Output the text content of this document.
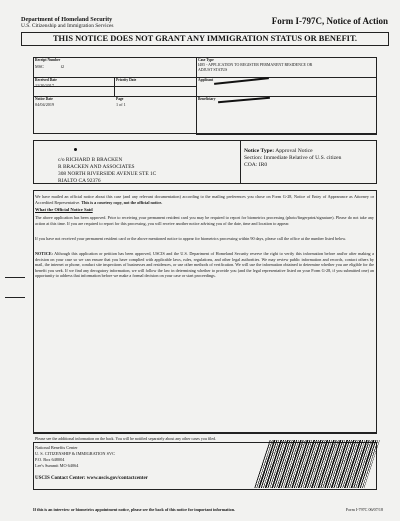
Department of Homeland Security
U.S. Citizenship and Immigration Services	Form I-797C, Notice of Action
THIS NOTICE DOES NOT GRANT ANY IMMIGRATION STATUS OR BENEFIT.
Receipt Number
MSC                f2
Case Type
I485 - APPLICATION TO REGISTER PERMANENT RESIDENCE OR
ADJUST STATUS
Received Date
11/20/2017
Priority Date	Applicant
Notice Date
04/04/2019
Page
1 of 1
Beneficiary
c/o RICHARD B BRACKEN
R BRACKEN AND ASSOCIATES
308 NORTH RIVERSIDE AVENUE STE 1C
RIALTO CA 92376
Notice Type: Approval Notice
Section: Immediate Relative of U.S. citizen
COA: IR0
We have mailed an official notice about this case (and any relevant documentation) according to the mailing preferences you chose on Form G-28, Notice of Entry of Appearance as Attorney or Accredited Representative. This is a courtesy copy, not the official notice.
What the Official Notice Said
The above application has been approved. Prior to receiving your permanent resident card you may be required to report for biometrics processing (photo/fingerprint/signature). Please do not take any action at this time. If you are required to report for this processing, you will receive another notice advising you of the date, time and location to appear.
If you have not received your permanent resident card or the above mentioned notice to appear for biometrics processing within 90 days, please call the office at the number listed below.
NOTICE: Although this application or petition has been approved, USCIS and the U.S. Department of Homeland Security reserve the right to verify this information before and/or after making a decision on your case so we can ensure that you have complied with applicable laws, rules, regulations, and other legal authorities. We may review public information and records, contact others by mail, the internet or phone, conduct site inspections of businesses and residences, or use other methods of verification. We will use the information obtained to determine whether you are eligible for the benefit you seek. If we find any derogatory information, we will follow the law in determining whether to provide you (and the legal representative listed on your Form G-28, if you submitted one) an opportunity to address that information before we make a formal decision on your case or start proceedings.
Please see the additional information on the back. You will be notified separately about any other cases you filed.
National Benefits Center
U. S. CITIZENSHIP & IMMIGRATION SVC
P.O. Box 648004
Lee's Summit MO 64064
USCIS Contact Center: www.uscis.gov/contactcenter
If this is an interview or biometrics appointment notice, please see the back of this notice for important information.	Form I-797C 06/07/18
